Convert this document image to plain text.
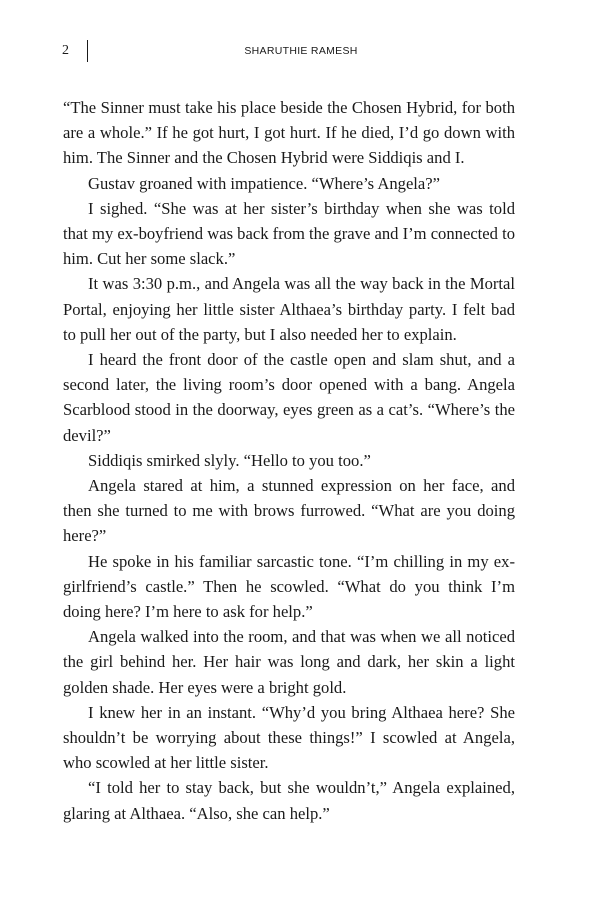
2	SHARUTHIE RAMESH

“The Sinner must take his place beside the Chosen Hybrid, for both are a whole.” If he got hurt, I got hurt. If he died, I’d go down with him. The Sinner and the Chosen Hybrid were Siddiqis and I.

Gustav groaned with impatience. “Where’s Angela?”

I sighed. “She was at her sister’s birthday when she was told that my ex-boyfriend was back from the grave and I’m connected to him. Cut her some slack.”

It was 3:30 p.m., and Angela was all the way back in the Mortal Portal, enjoying her little sister Althaea’s birthday party. I felt bad to pull her out of the party, but I also needed her to explain.

I heard the front door of the castle open and slam shut, and a second later, the living room’s door opened with a bang. Angela Scarblood stood in the doorway, eyes green as a cat’s. “Where’s the devil?”

Siddiqis smirked slyly. “Hello to you too.”

Angela stared at him, a stunned expression on her face, and then she turned to me with brows furrowed. “What are you doing here?”

He spoke in his familiar sarcastic tone. “I’m chilling in my ex-girlfriend’s castle.” Then he scowled. “What do you think I’m doing here? I’m here to ask for help.”

Angela walked into the room, and that was when we all noticed the girl behind her. Her hair was long and dark, her skin a light golden shade. Her eyes were a bright gold.

I knew her in an instant. “Why’d you bring Althaea here? She shouldn’t be worrying about these things!” I scowled at Angela, who scowled at her little sister.

“I told her to stay back, but she wouldn’t,” Angela explained, glaring at Althaea. “Also, she can help.”
